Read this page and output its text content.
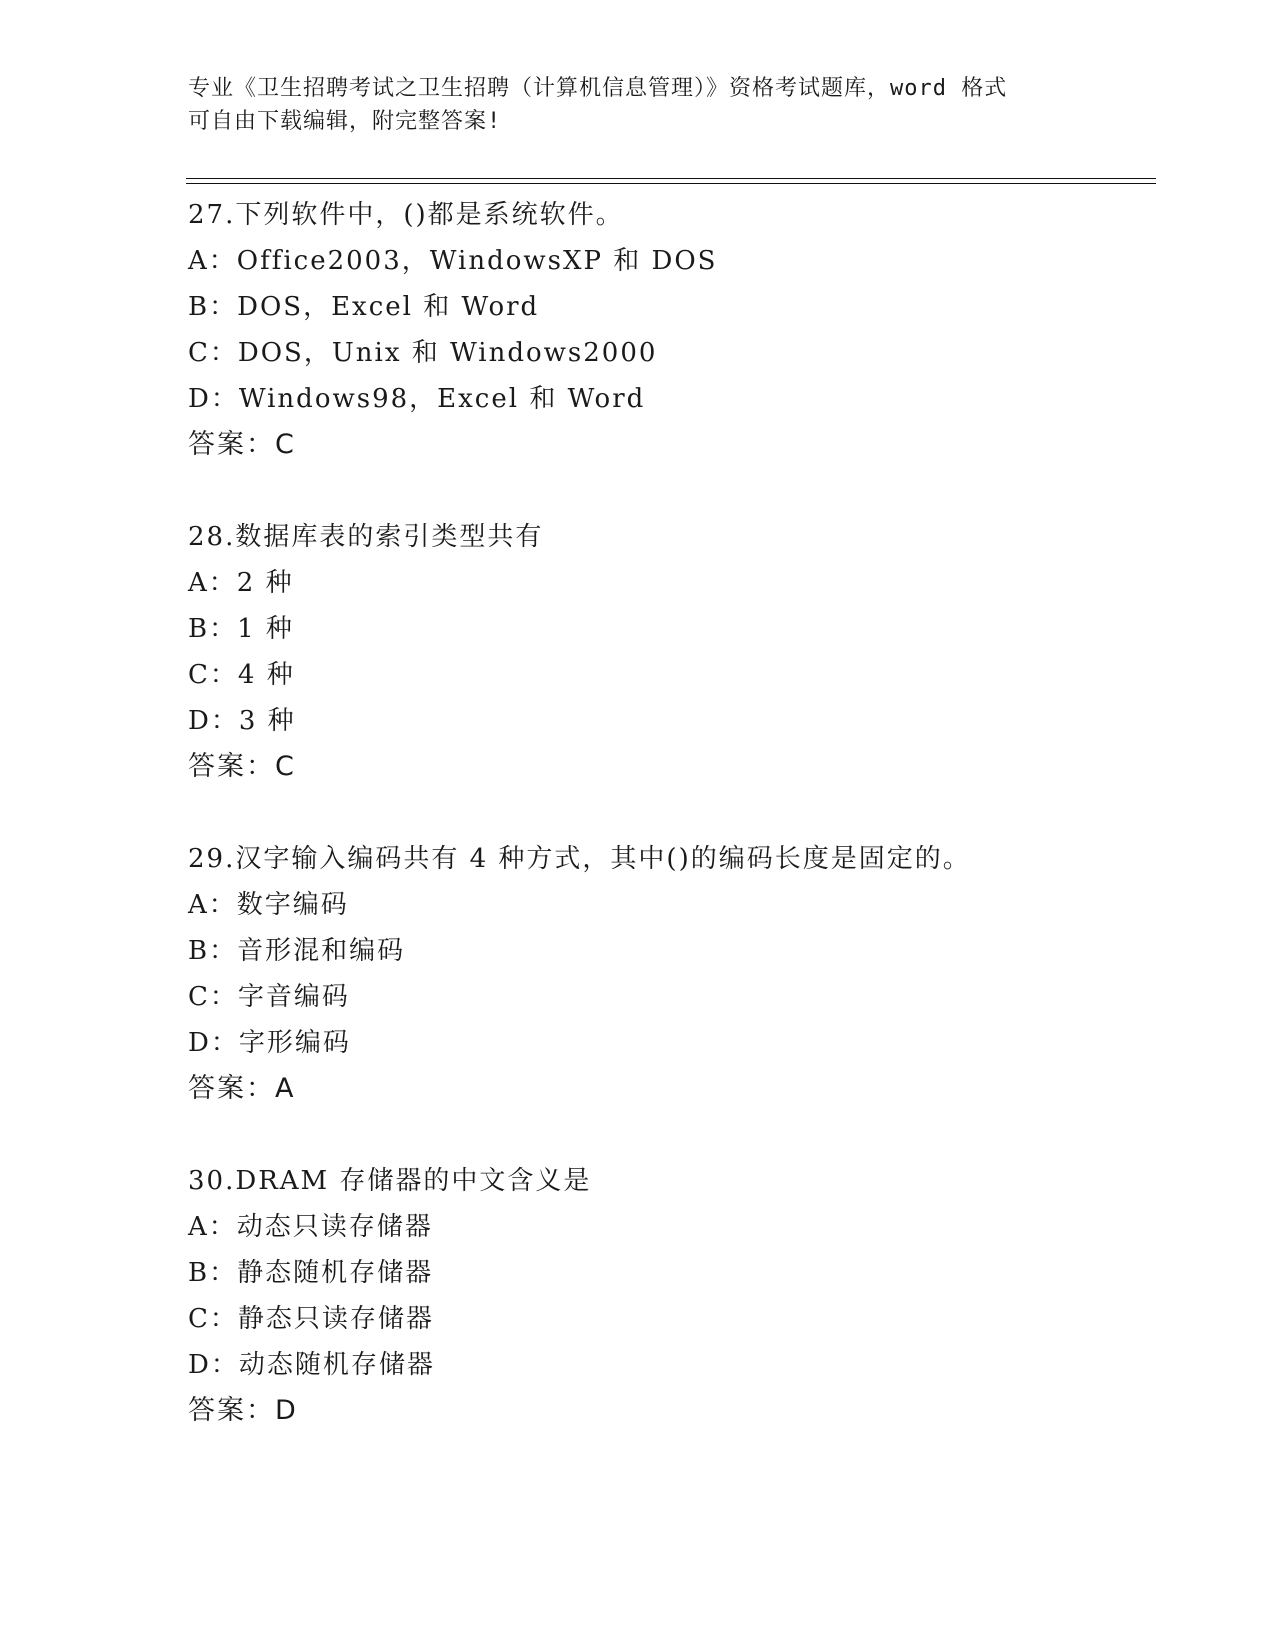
专业《卫生招聘考试之卫生招聘（计算机信息管理）》资格考试题库，word 格式
可自由下载编辑，附完整答案!
27.下列软件中，()都是系统软件。
A：Office2003，WindowsXP 和 DOS
B：DOS，Excel 和 Word
C：DOS，Unix 和 Windows2000
D：Windows98，Excel 和 Word
答案：C
28.数据库表的索引类型共有
A：2 种
B：1 种
C：4 种
D：3 种
答案：C
29.汉字输入编码共有 4 种方式，其中()的编码长度是固定的。
A：数字编码
B：音形混和编码
C：字音编码
D：字形编码
答案：A
30.DRAM 存储器的中文含义是
A：动态只读存储器
B：静态随机存储器
C：静态只读存储器
D：动态随机存储器
答案：D
